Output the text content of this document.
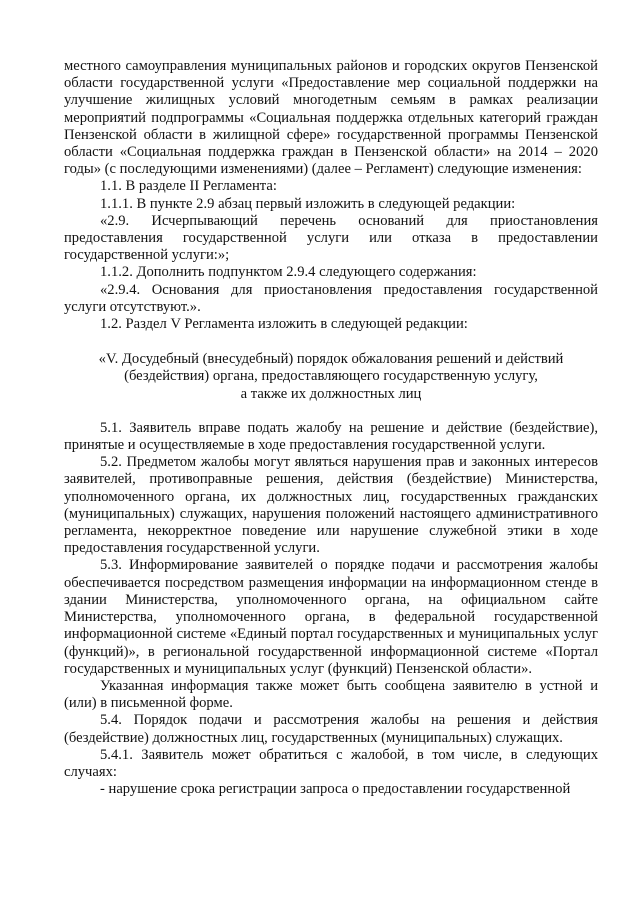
местного самоуправления муниципальных районов и городских округов Пензенской области государственной услуги «Предоставление мер социальной поддержки на улучшение жилищных условий многодетным семьям в рамках реализации мероприятий подпрограммы «Социальная поддержка отдельных категорий граждан Пензенской области в жилищной сфере» государственной программы Пензенской области «Социальная поддержка граждан в Пензенской области» на 2014 – 2020 годы» (с последующими изменениями) (далее – Регламент) следующие изменения:

1.1. В разделе II Регламента:

1.1.1. В пункте 2.9 абзац первый изложить в следующей редакции:

«2.9. Исчерпывающий перечень оснований для приостановления предоставления государственной услуги или отказа в предоставлении государственной услуги:»;

1.1.2. Дополнить подпунктом 2.9.4 следующего содержания:

«2.9.4. Основания для приостановления предоставления государственной услуги отсутствуют.».

1.2. Раздел V Регламента изложить в следующей редакции:

«V. Досудебный (внесудебный) порядок обжалования решений и действий
(бездействия) органа, предоставляющего государственную услугу,
а также их должностных лиц

5.1. Заявитель вправе подать жалобу на решение и действие (бездействие), принятые и осуществляемые в ходе предоставления государственной услуги.

5.2. Предметом жалобы могут являться нарушения прав и законных интересов заявителей, противоправные решения, действия (бездействие) Министерства, уполномоченного органа, их должностных лиц, государственных гражданских (муниципальных) служащих, нарушения положений настоящего административного регламента, некорректное поведение или нарушение служебной этики в ходе предоставления государственной услуги.

5.3. Информирование заявителей о порядке подачи и рассмотрения жалобы обеспечивается посредством размещения информации на информационном стенде в здании Министерства, уполномоченного органа, на официальном сайте Министерства, уполномоченного органа, в федеральной государственной информационной системе «Единый портал государственных и муниципальных услуг (функций)», в региональной государственной информационной системе «Портал государственных и муниципальных услуг (функций) Пензенской области».

Указанная информация также может быть сообщена заявителю в устной и (или) в письменной форме.

5.4. Порядок подачи и рассмотрения жалобы на решения и действия (бездействие) должностных лиц, государственных (муниципальных) служащих.

5.4.1. Заявитель может обратиться с жалобой, в том числе, в следующих случаях:

- нарушение срока регистрации запроса о предоставлении государственной
